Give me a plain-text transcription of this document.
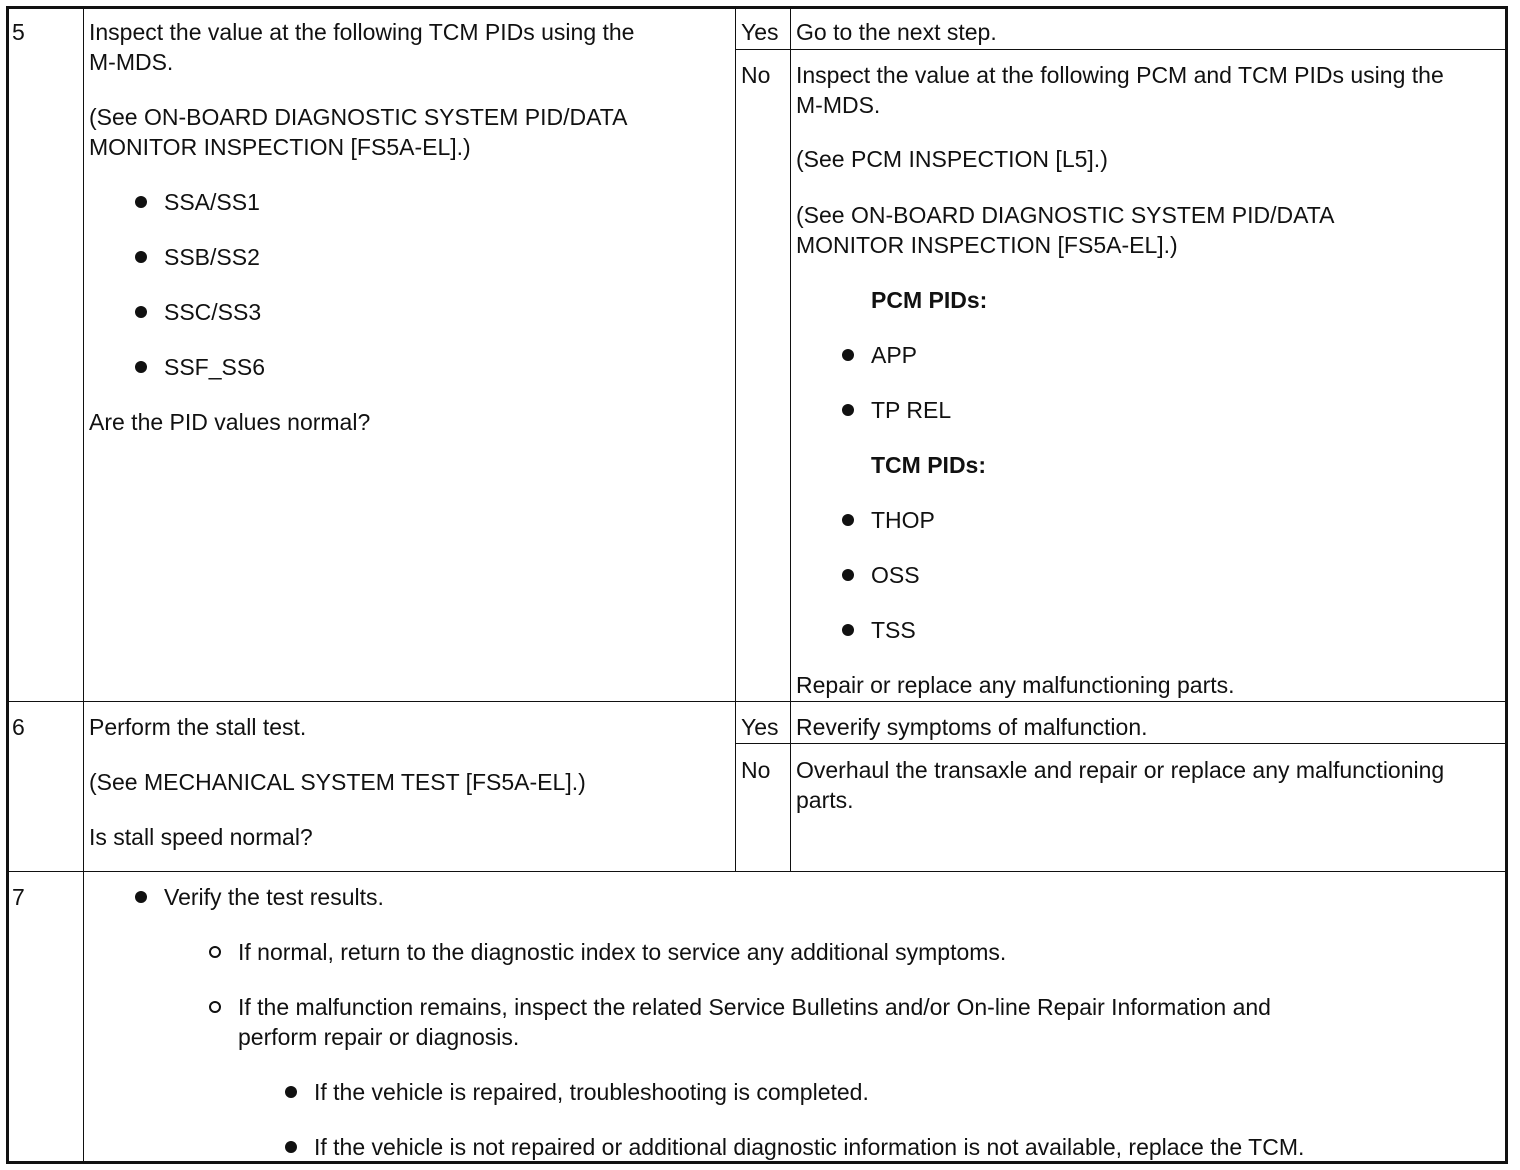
5	Inspect the value at the following TCM PIDs using the
M-MDS.
(See ON-BOARD DIAGNOSTIC SYSTEM PID/DATA
MONITOR INSPECTION [FS5A-EL].)
SSA/SS1
SSB/SS2
SSC/SS3
SSF_SS6
Are the PID values normal?
Yes Go to the next step.
No Inspect the value at the following PCM and TCM PIDs using the
M-MDS.
(See PCM INSPECTION [L5].)
(See ON-BOARD DIAGNOSTIC SYSTEM PID/DATA
MONITOR INSPECTION [FS5A-EL].)
PCM PIDs:
APP
TP REL
TCM PIDs:
THOP
OSS
TSS
Repair or replace any malfunctioning parts.
6	Perform the stall test.
(See MECHANICAL SYSTEM TEST [FS5A-EL].)
Is stall speed normal?
Yes Reverify symptoms of malfunction.
No Overhaul the transaxle and repair or replace any malfunctioning
parts.
7	Verify the test results.
If normal, return to the diagnostic index to service any additional symptoms.
If the malfunction remains, inspect the related Service Bulletins and/or On-line Repair Information and
perform repair or diagnosis.
If the vehicle is repaired, troubleshooting is completed.
If the vehicle is not repaired or additional diagnostic information is not available, replace the TCM.
